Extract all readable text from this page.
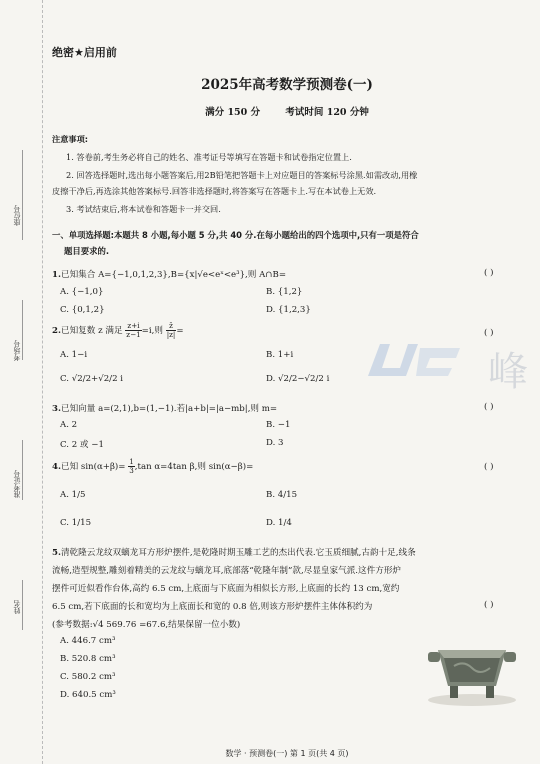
座位号
考场号
准考证号
姓名
绝密★启用前
2025年高考数学预测卷(一)
满分 150 分	考试时间 120 分钟
注意事项:
1. 答卷前,考生务必将自己的姓名、准考证号等填写在答题卡和试卷指定位置上.
2. 回答选择题时,选出每小题答案后,用2B铅笔把答题卡上对应题目的答案标号涂黑.如需改动,用橡
皮擦干净后,再选涂其他答案标号.回答非选择题时,将答案写在答题卡上.写在本试卷上无效.
3. 考试结束后,将本试卷和答题卡一并交回.
一、单项选择题:本题共 8 小题,每小题 5 分,共 40 分.在每小题给出的四个选项中,只有一项是符合
题目要求的.
1.已知集合 A={−1,0,1,2,3},B={x|√e<eˣ<e³},则 A∩B=	( )
A. {−1,0}	B. {1,2}
C. {0,1,2}	D. {1,2,3}
2.已知复数 z 满足 $\frac{z+i}{z-1} =i$,则 $\frac{z̄}{|z|}$ =	( )
A. 1−i	B. 1+i
C. √2/2+√2/2 i	D. √2/2−√2/2 i
3.已知向量 a=(2,1),b=(1,−1).若|a+b|=|a−mb|,则 m=	( )
A. 2	B. −1
C. 2 或 −1	D. 3
4.已知 $\sin(\alpha+\beta)= \frac{1}{3} ,\tan$ α=4tan β,则 sin(α−β)=	( )
A. 1/5	B. 4/15
C. 1/15	D. 1/4
5.清乾隆云龙纹双螭龙耳方形炉摆件,是乾隆时期玉雕工艺的杰出代表.它玉质细腻,古韵十足,线条
流畅,造型规整,雕刻着精美的云龙纹与螭龙耳,底部落“乾隆年制”款,尽显皇家气派.这件方形炉
摆件可近似看作台体,高约 6.5 cm,上底面与下底面为相似长方形,上底面的长约 13 cm,宽约
6.5 cm,若下底面的长和宽均为上底面长和宽的 0.8 倍,则该方形炉摆件主体体积约为	( )
(参考数据:√4 569.76 =67.6,结果保留一位小数)
A. 446.7 cm³
B. 520.8 cm³
C. 580.2 cm³
D. 640.5 cm³
数学 · 预测卷(一) 第 1 页(共 4 页)
峰
